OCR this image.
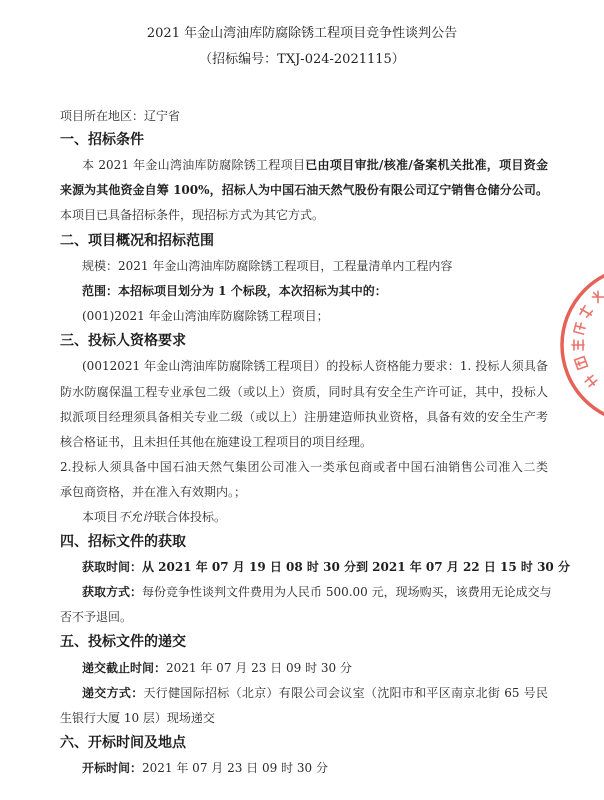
2021 年金山湾油库防腐除锈工程项目竞争性谈判公告
（招标编号：TXJ-024-2021115）
项目所在地区：辽宁省
一、招标条件
本 2021 年金山湾油库防腐除锈工程项目已由项目审批/核准/备案机关批准，项目资金
来源为其他资金自筹 100%，招标人为中国石油天然气股份有限公司辽宁销售仓储分公司。
本项目已具备招标条件，现招标方式为其它方式。
二、项目概况和招标范围
规模：2021 年金山湾油库防腐除锈工程项目，工程量清单内工程内容
范围：本招标项目划分为 1 个标段，本次招标为其中的：
(001)2021 年金山湾油库防腐除锈工程项目；
三、投标人资格要求
(0012021 年金山湾油库防腐除锈工程项目）的投标人资格能力要求：1. 投标人须具备
防水防腐保温工程专业承包二级（或以上）资质，同时具有安全生产许可证，其中，投标人
拟派项目经理须具备相关专业二级（或以上）注册建造师执业资格，具备有效的安全生产考
核合格证书，且未担任其他在施建设工程项目的项目经理。
2.投标人须具备中国石油天然气集团公司准入一类承包商或者中国石油销售公司准入二类
承包商资格，并在准入有效期内。；
本项目不允许联合体投标。
四、招标文件的获取
获取时间：从 2021 年 07 月 19 日 08 时 30 分到 2021 年 07 月 22 日 15 时 30 分
获取方式：每份竞争性谈判文件费用为人民币 500.00 元，现场购买，该费用无论成交与
否不予退回。
五、投标文件的递交
递交截止时间：2021 年 07 月 23 日 09 时 30 分
递交方式：天行健国际招标（北京）有限公司会议室（沈阳市和平区南京北街 65 号民
生银行大厦 10 层）现场递交
六、开标时间及地点
开标时间：2021 年 07 月 23 日 09 时 30 分
